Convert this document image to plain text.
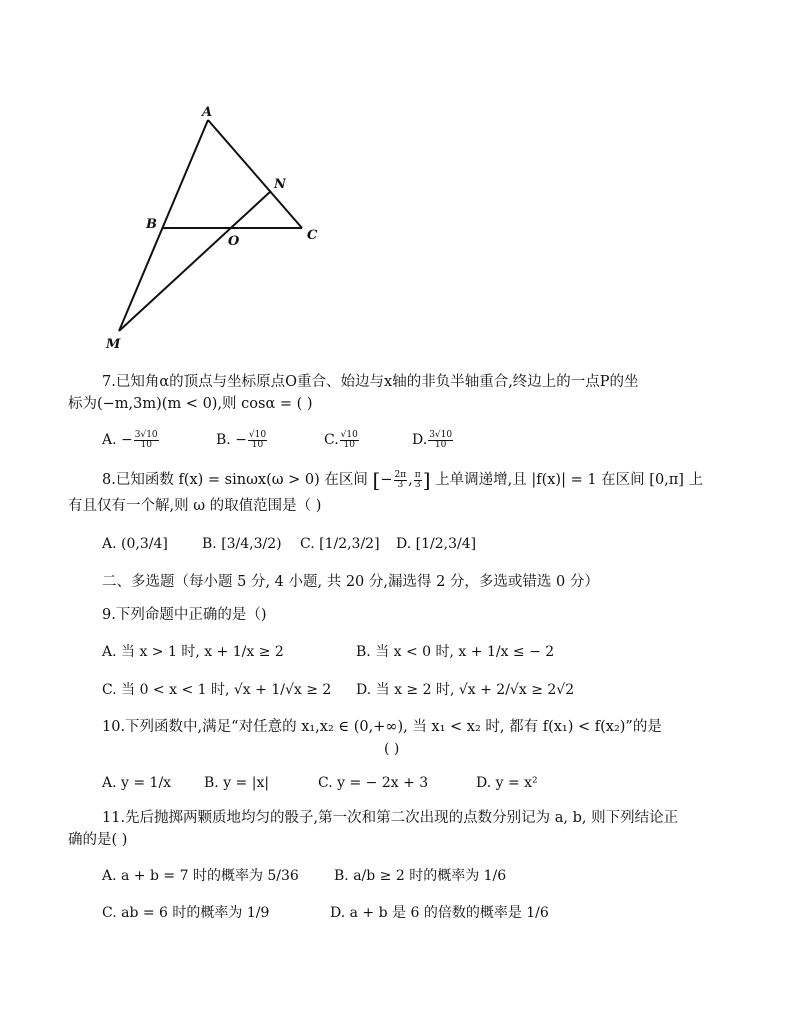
A
N
B
O	C
M
7.已知角α的顶点与坐标原点O重合、始边与x轴的非负半轴重合,终边上的一点P的坐
标为(−m,3m)(m < 0),则 cosα = ( )
A. − $\frac{3√10}{10}$	B. − $\frac{√10}{10}$	C. $\frac{√10}{10}$	D. $\frac{3√10}{10}$
8.已知函数 f(x) = sinωx(ω > 0) 在区间 [− $\frac{2\pi}{3}$ , $\frac{\pi}{3}$ ] 上单调递增,且 |f(x)| = 1 在区间 [0,π] 上
有且仅有一个解,则 ω 的取值范围是（ )
A. (0,3/4] B. [3/4,3/2) C. [1/2,3/2] D. [1/2,3/4]
二、多选题（每小题 5 分, 4 小题, 共 20 分,漏选得 2 分，多选或错选 0 分）
9.下列命题中正确的是（)
A. 当 x > 1 时, x + 1/x ≥ 2	B. 当 x < 0 时, x + 1/x ≤ − 2
C. 当 0 < x < 1 时, √x + 1/√x ≥ 2 D. 当 x ≥ 2 时, √x + 2/√x ≥ 2√2
10.下列函数中,满足“对任意的 x₁,x₂ ∈ (0,+∞), 当 x₁ < x₂ 时, 都有 f(x₁) < f(x₂)”的是
( )
A. y = 1/x B. y = |x|	C. y = − 2x + 3	D. y = x²
11.先后抛掷两颗质地均匀的骰子,第一次和第二次出现的点数分别记为 a, b, 则下列结论正
确的是( )
A. a + b = 7 时的概率为 5/36	B. a/b ≥ 2 时的概率为 1/6
C. ab = 6 时的概率为 1/9	D. a + b 是 6 的倍数的概率是 1/6
